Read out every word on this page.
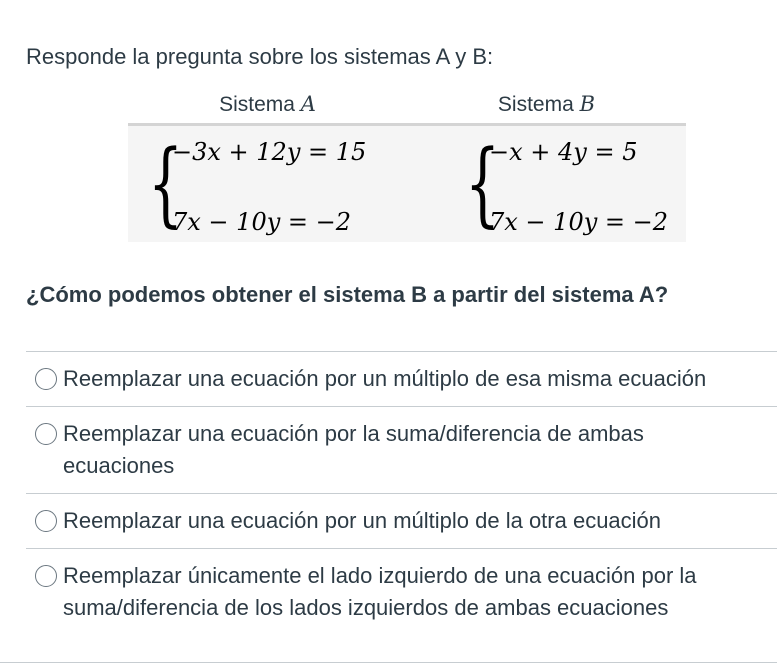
Responde la pregunta sobre los sistemas A y B:
Sistema A	Sistema B
{
−3x + 12y = 15
7x − 10y = −2 {
−x + 4y = 5
7x − 10y = −2
¿Cómo podemos obtener el sistema B a partir del sistema A?
Reemplazar una ecuación por un múltiplo de esa misma ecuación
Reemplazar una ecuación por la suma/diferencia de ambas ecuaciones
Reemplazar una ecuación por un múltiplo de la otra ecuación
Reemplazar únicamente el lado izquierdo de una ecuación por la suma/diferencia de los lados izquierdos de ambas ecuaciones
